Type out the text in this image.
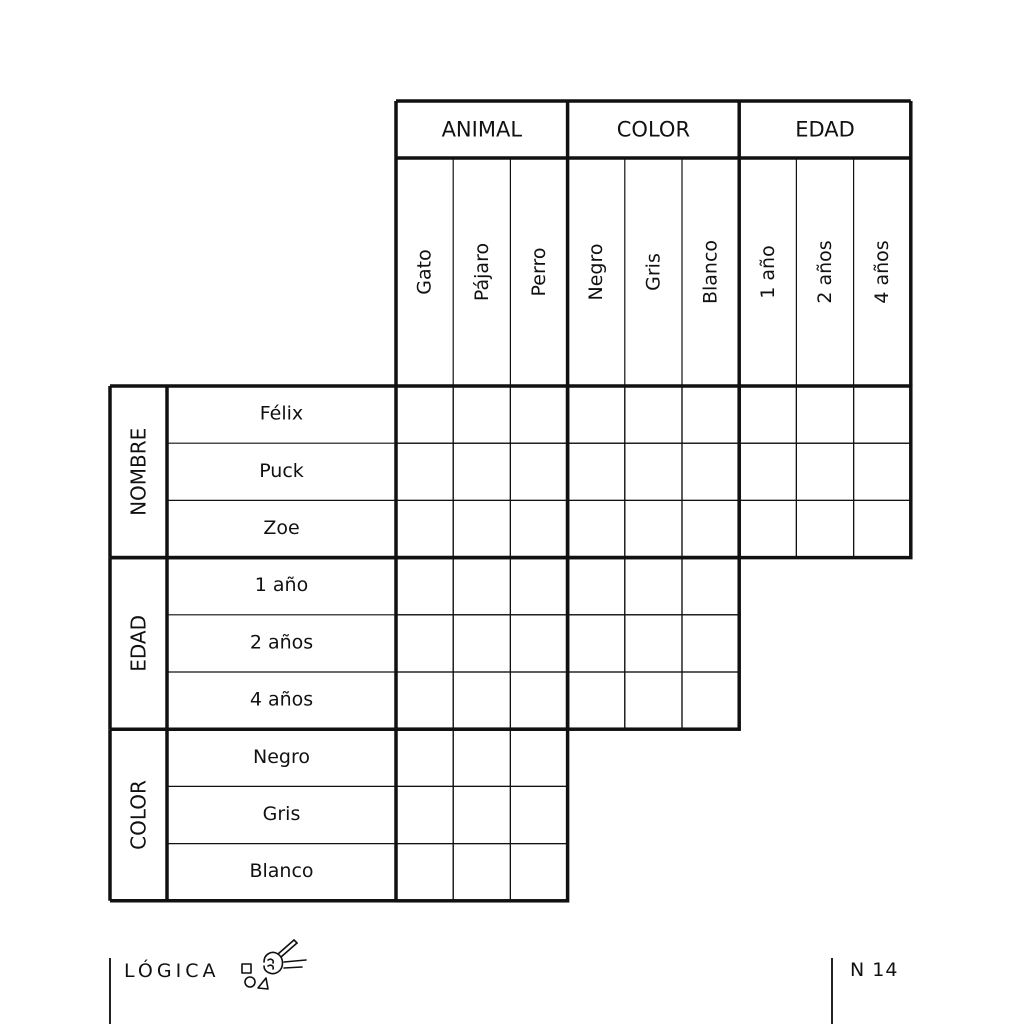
ANIMAL
Gato Pájaro Perro
COLOR
Negro Gris Blanco
EDAD
1 año 2 años 4 años
NOMBRE
Félix
Puck
Zoe
EDAD
1 año
2 años
4 años
COLOR
Negro
Gris
Blanco
LÓGICA	N 14
